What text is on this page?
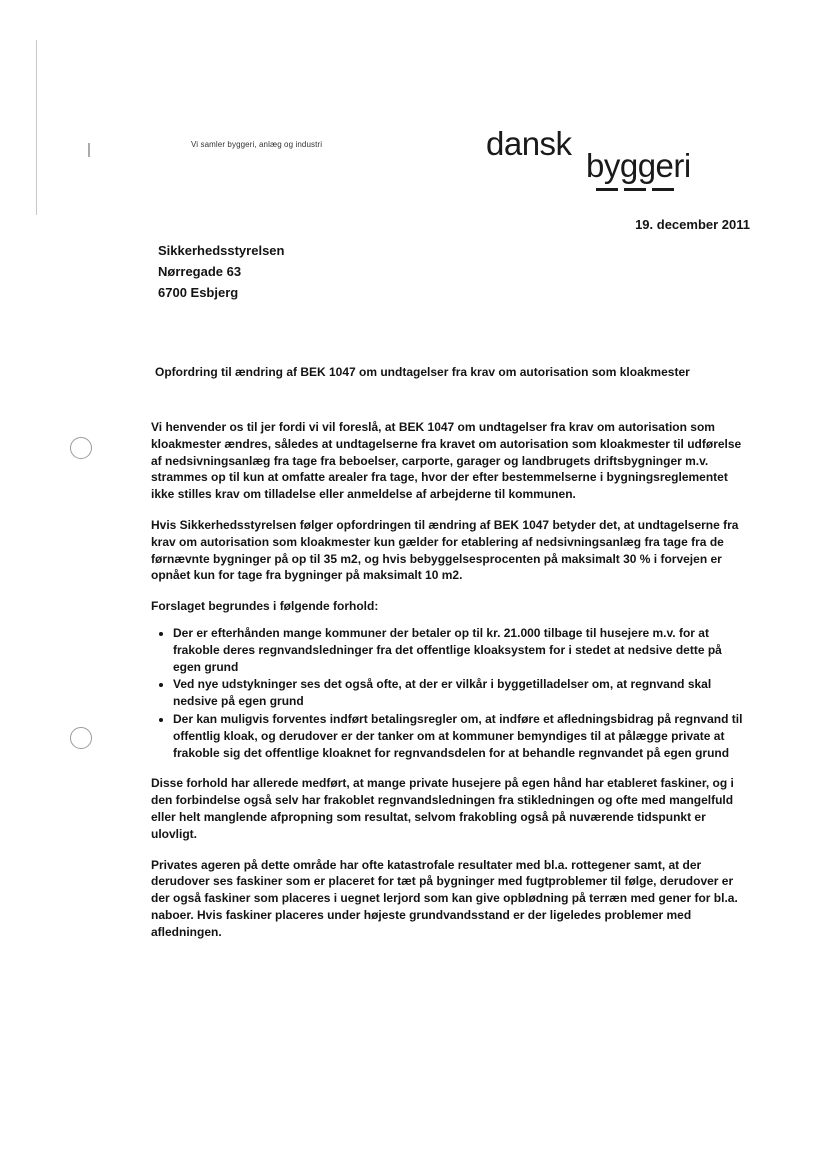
Vi samler byggeri, anlæg og industri	dansk
byggeri
19. december 2011
Sikkerhedsstyrelsen
Nørregade 63
6700 Esbjerg
Opfordring til ændring af BEK 1047 om undtagelser fra krav om autorisation som kloakmester

Vi henvender os til jer fordi vi vil foreslå, at BEK 1047 om undtagelser fra krav om autorisation som kloakmester ændres, således at undtagelserne fra kravet om autorisation som kloakmester til udførelse af nedsivningsanlæg fra tage fra beboelser, carporte, garager og landbrugets driftsbygninger m.v. strammes op til kun at omfatte arealer fra tage, hvor der efter bestemmelserne i bygningsreglementet ikke stilles krav om tilladelse eller anmeldelse af arbejderne til kommunen.

Hvis Sikkerhedsstyrelsen følger opfordringen til ændring af BEK 1047 betyder det, at undtagelserne fra krav om autorisation som kloakmester kun gælder for etablering af nedsivningsanlæg fra tage fra de førnævnte bygninger på op til 35 m2, og hvis bebyggelsesprocenten på maksimalt 30 % i forvejen er opnået kun for tage fra bygninger på maksimalt 10 m2.

Forslaget begrundes i følgende forhold:

• Der er efterhånden mange kommuner der betaler op til kr. 21.000 tilbage til husejere m.v. for at frakoble deres regnvandsledninger fra det offentlige kloaksystem for i stedet at nedsive dette på egen grund
• Ved nye udstykninger ses det også ofte, at der er vilkår i byggetilladelser om, at regnvand skal nedsive på egen grund
• Der kan muligvis forventes indført betalingsregler om, at indføre et afledningsbidrag på regnvand til offentlig kloak, og derudover er der tanker om at kommuner bemyndiges til at pålægge private at frakoble sig det offentlige kloaknet for regnvandsdelen for at behandle regnvandet på egen grund

Disse forhold har allerede medført, at mange private husejere på egen hånd har etableret faskiner, og i den forbindelse også selv har frakoblet regnvandsledningen fra stikledningen og ofte med mangelfuld eller helt manglende afpropning som resultat, selvom frakobling også på nuværende tidspunkt er ulovligt.

Privates ageren på dette område har ofte katastrofale resultater med bl.a. rottegener samt, at der derudover ses faskiner som er placeret for tæt på bygninger med fugtproblemer til følge, derudover er der også faskiner som placeres i uegnet lerjord som kan give opblødning på terræn med gener for bl.a. naboer. Hvis faskiner placeres under højeste grundvandsstand er der ligeledes problemer med afledningen.
